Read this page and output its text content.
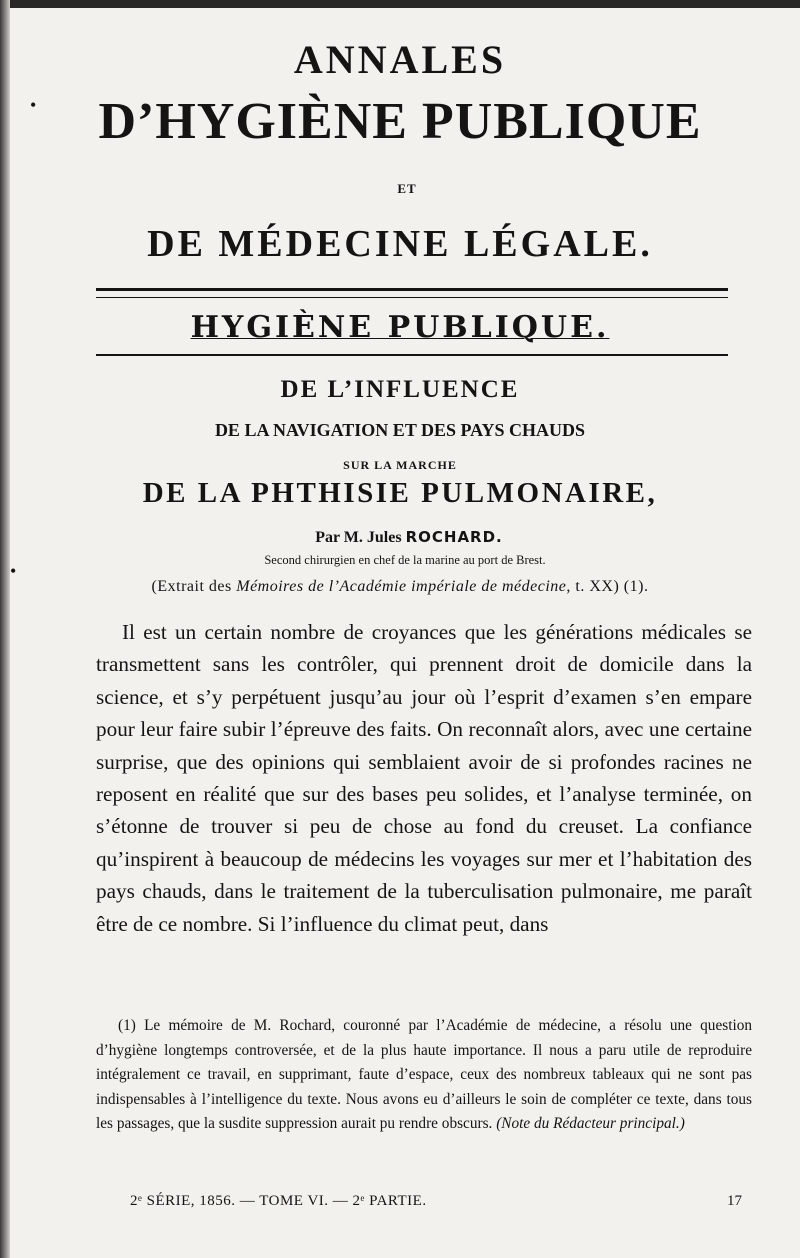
•
•
ANNALES
D’HYGIÈNE PUBLIQUE
ET
DE MÉDECINE LÉGALE.
HYGIÈNE PUBLIQUE.
DE L’INFLUENCE
DE LA NAVIGATION ET DES PAYS CHAUDS
SUR LA MARCHE
DE LA PHTHISIE PULMONAIRE,
Par M. Jules ROCHARD.
Second chirurgien en chef de la marine au port de Brest.
(Extrait des Mémoires de l’Académie impériale de médecine, t. XX) (1).

Il est un certain nombre de croyances que les générations médicales se transmettent sans les contrôler, qui prennent droit de domicile dans la science, et s’y perpétuent jusqu’au jour où l’esprit d’examen s’en empare pour leur faire subir l’épreuve des faits. On reconnaît alors, avec une certaine surprise, que des opinions qui semblaient avoir de si profondes racines ne reposent en réalité que sur des bases peu solides, et l’analyse terminée, on s’étonne de trouver si peu de chose au fond du creuset. La confiance qu’inspirent à beaucoup de médecins les voyages sur mer et l’habitation des pays chauds, dans le traitement de la tuberculisation pulmonaire, me paraît être de ce nombre. Si l’influence du climat peut, dans

(1) Le mémoire de M. Rochard, couronné par l’Académie de médecine, a résolu une question d’hygiène longtemps controversée, et de la plus haute importance. Il nous a paru utile de reproduire intégralement ce travail, en supprimant, faute d’espace, ceux des nombreux tableaux qui ne sont pas indispensables à l’intelligence du texte. Nous avons eu d’ailleurs le soin de compléter ce texte, dans tous les passages, que la susdite suppression aurait pu rendre obscurs. (Note du Rédacteur principal.)

2ᵉ SÉRIE, 1856. — TOME VI. — 2ᵉ PARTIE.	17
